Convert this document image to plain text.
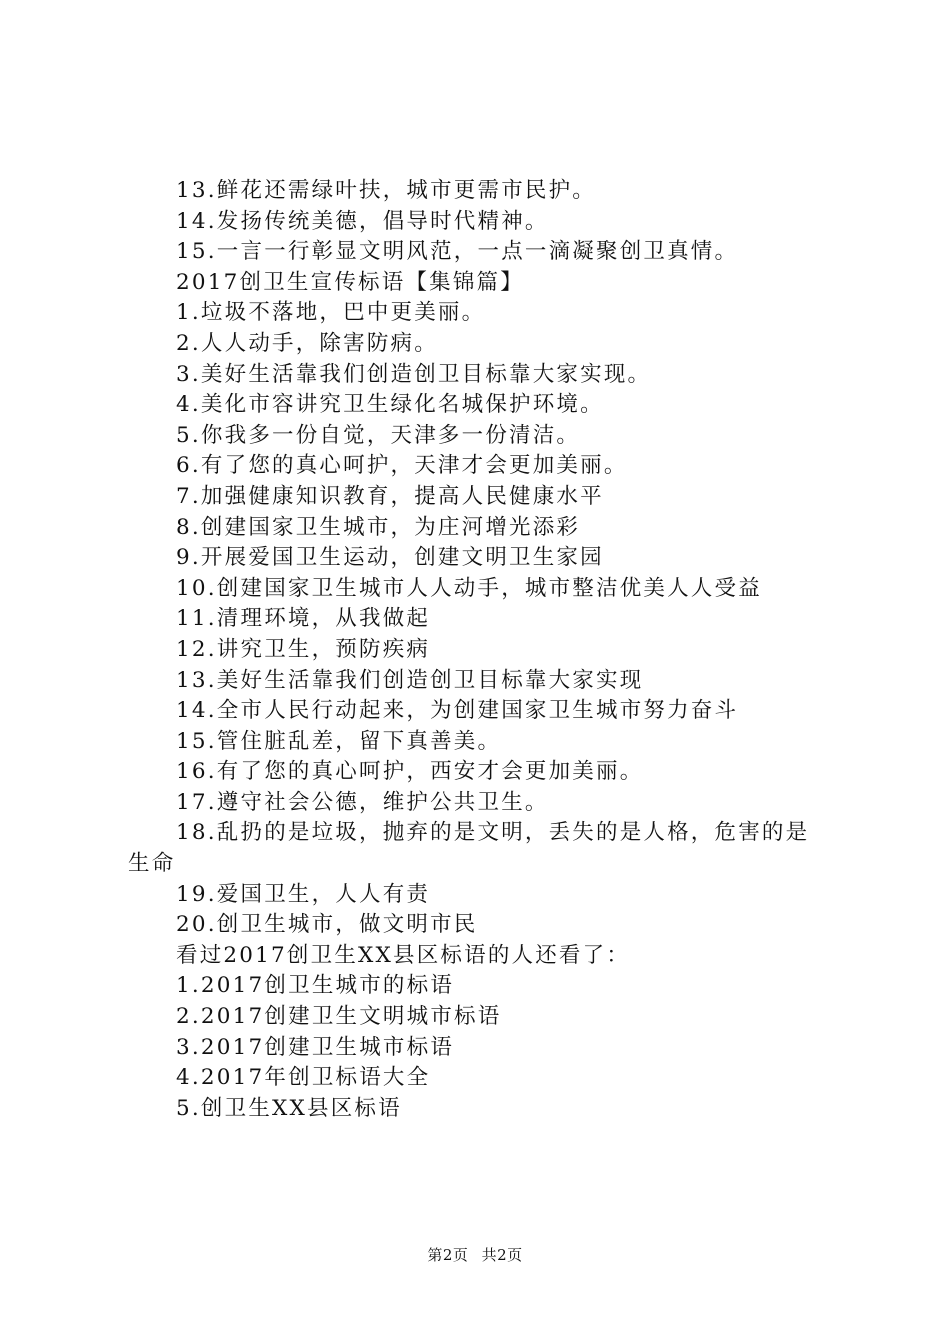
13.鲜花还需绿叶扶，城市更需市民护。

14.发扬传统美德，倡导时代精神。

15.一言一行彰显文明风范，一点一滴凝聚创卫真情。

2017创卫生宣传标语【集锦篇】

1.垃圾不落地，巴中更美丽。

2.人人动手，除害防病。

3.美好生活靠我们创造创卫目标靠大家实现。

4.美化市容讲究卫生绿化名城保护环境。

5.你我多一份自觉，天津多一份清洁。

6.有了您的真心呵护，天津才会更加美丽。

7.加强健康知识教育，提高人民健康水平

8.创建国家卫生城市，为庄河增光添彩

9.开展爱国卫生运动，创建文明卫生家园

10.创建国家卫生城市人人动手，城市整洁优美人人受益

11.清理环境，从我做起

12.讲究卫生，预防疾病

13.美好生活靠我们创造创卫目标靠大家实现

14.全市人民行动起来，为创建国家卫生城市努力奋斗

15.管住脏乱差，留下真善美。

16.有了您的真心呵护，西安才会更加美丽。

17.遵守社会公德，维护公共卫生。

18.乱扔的是垃圾，抛弃的是文明，丢失的是人格，危害的是生命

19.爱国卫生，人人有责

20.创卫生城市，做文明市民

看过2017创卫生XX县区标语的人还看了：

1.2017创卫生城市的标语

2.2017创建卫生文明城市标语

3.2017创建卫生城市标语

4.2017年创卫标语大全

5.创卫生XX县区标语

第2页 共2页
